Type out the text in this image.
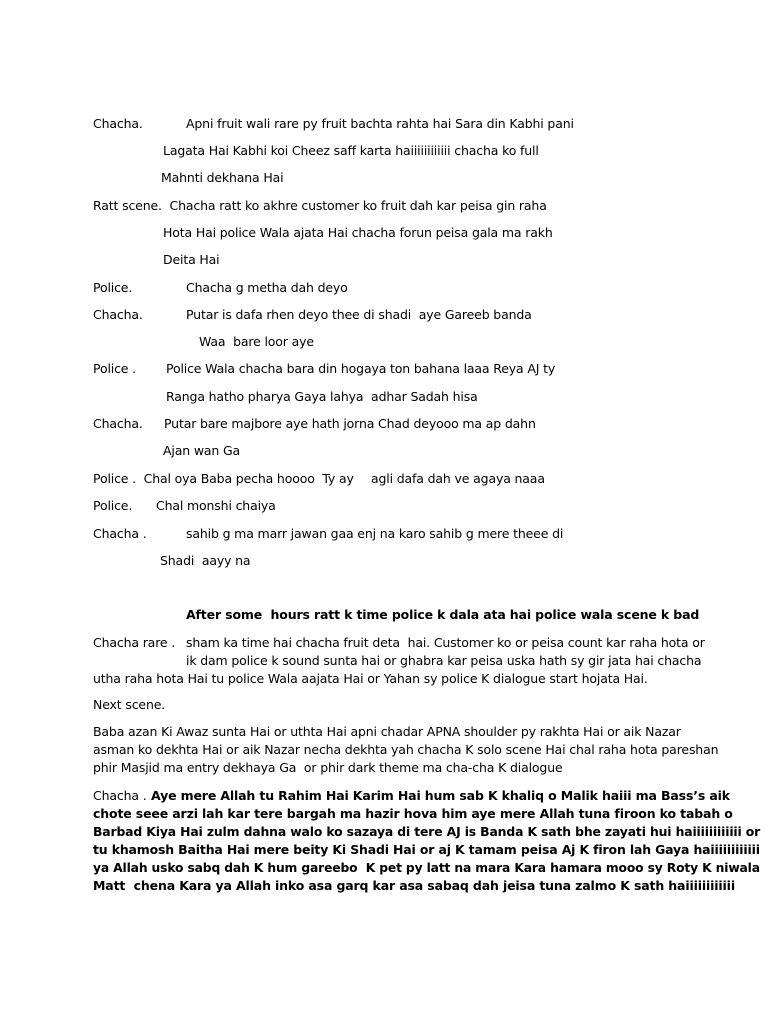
Chacha.	Apni fruit wali rare py fruit bachta rahta hai Sara din Kabhi pani
Lagata Hai Kabhi koi Cheez saff karta haiiiiiiiiiiii chacha ko full
Mahnti dekhana Hai
Ratt scene.  Chacha ratt ko akhre customer ko fruit dah kar peisa gin raha
Hota Hai police Wala ajata Hai chacha forun peisa gala ma rakh
Deita Hai
Police.	Chacha g metha dah deyo
Chacha.	Putar is dafa rhen deyo thee di shadi  aye Gareeb banda
Waa  bare loor aye
Police . Police Wala chacha bara din hogaya ton bahana laaa Reya AJ ty
Ranga hatho pharya Gaya lahya  adhar Sadah hisa
Chacha. Putar bare majbore aye hath jorna Chad deyooo ma ap dahn
Ajan wan Ga
Police .  Chal oya Baba pecha hoooo  Ty ay agli dafa dah ve agaya naaa
Police. Chal monshi chaiya
Chacha .	sahib g ma marr jawan gaa enj na karo sahib g mere theee di
Shadi  aayy na
After some  hours ratt k time police k dala ata hai police wala scene k bad
Chacha rare . sham ka time hai chacha fruit deta  hai. Customer ko or peisa count kar raha hota or
ik dam police k sound sunta hai or ghabra kar peisa uska hath sy gir jata hai chacha
utha raha hota Hai tu police Wala aajata Hai or Yahan sy police K dialogue start hojata Hai.
Next scene.
Baba azan Ki Awaz sunta Hai or uthta Hai apni chadar APNA shoulder py rakhta Hai or aik Nazar
asman ko dekhta Hai or aik Nazar necha dekhta yah chacha K solo scene Hai chal raha hota pareshan
phir Masjid ma entry dekhaya Ga  or phir dark theme ma cha-cha K dialogue
Chacha . Aye mere Allah tu Rahim Hai Karim Hai hum sab K khaliq o Malik haiii ma Bass’s aik
chote seee arzi lah kar tere bargah ma hazir hova him aye mere Allah tuna firoon ko tabah o
Barbad Kiya Hai zulm dahna walo ko sazaya di tere AJ is Banda K sath bhe zayati hui haiiiiiiiiiiii or
tu khamosh Baitha Hai mere beity Ki Shadi Hai or aj K tamam peisa Aj K firon lah Gaya haiiiiiiiiiiii
ya Allah usko sabq dah K hum gareebo  K pet py latt na mara Kara hamara mooo sy Roty K niwala
Matt  chena Kara ya Allah inko asa garq kar asa sabaq dah jeisa tuna zalmo K sath haiiiiiiiiiiii
